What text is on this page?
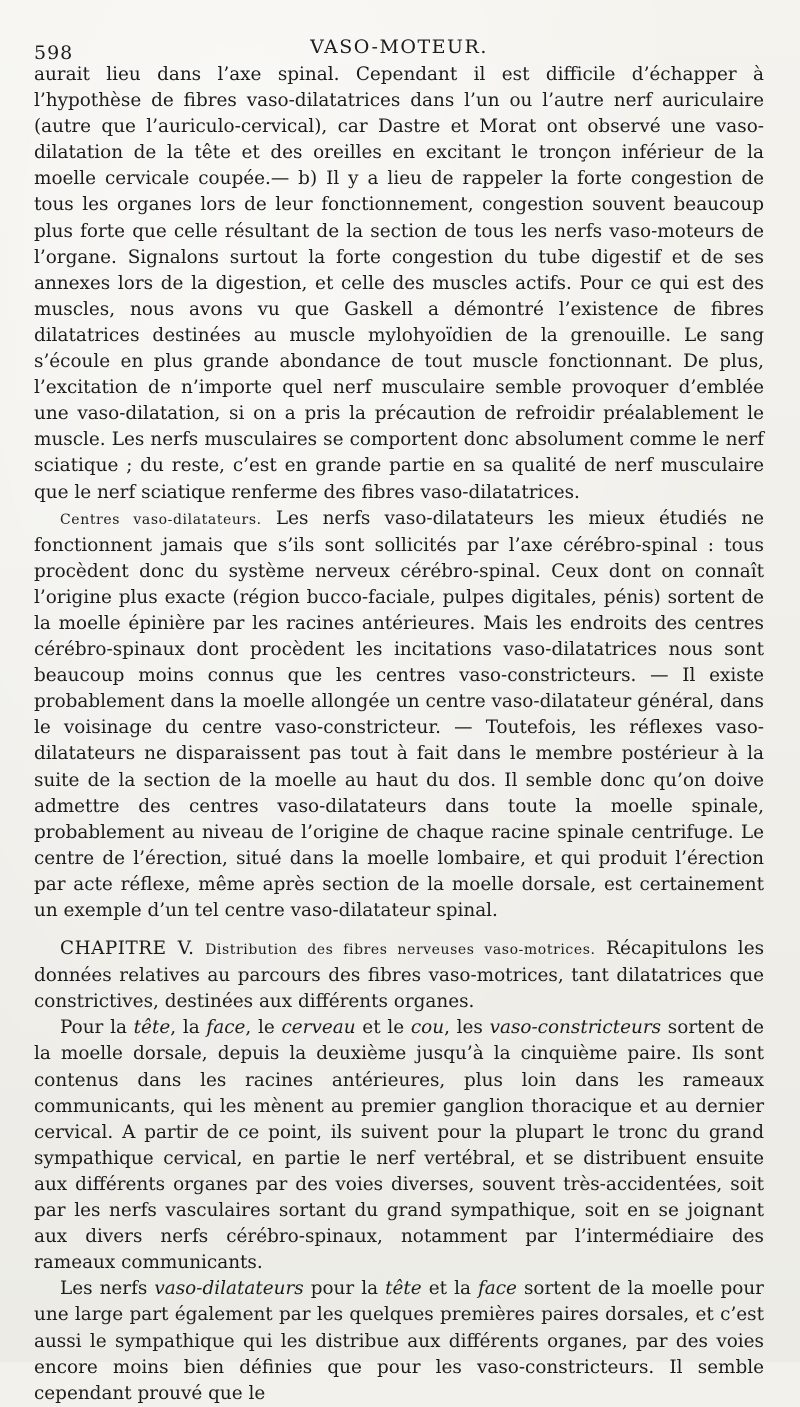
598	VASO-MOTEUR.

aurait lieu dans l’axe spinal. Cependant il est difficile d’échapper à l’hypothèse de fibres vaso-dilatatrices dans l’un ou l’autre nerf auriculaire (autre que l’auriculo-cervical), car Dastre et Morat ont observé une vaso-dilatation de la tête et des oreilles en excitant le tronçon inférieur de la moelle cervicale coupée.— b) Il y a lieu de rappeler la forte congestion de tous les organes lors de leur fonctionnement, congestion souvent beaucoup plus forte que celle résultant de la section de tous les nerfs vaso-moteurs de l’organe. Signalons surtout la forte congestion du tube digestif et de ses annexes lors de la digestion, et celle des muscles actifs. Pour ce qui est des muscles, nous avons vu que Gaskell a démontré l’existence de fibres dilatatrices destinées au muscle mylohyoïdien de la grenouille. Le sang s’écoule en plus grande abondance de tout muscle fonctionnant. De plus, l’excitation de n’importe quel nerf musculaire semble provoquer d’emblée une vaso-dilatation, si on a pris la précaution de refroidir préalablement le muscle. Les nerfs musculaires se comportent donc absolument comme le nerf sciatique ; du reste, c’est en grande partie en sa qualité de nerf musculaire que le nerf sciatique renferme des fibres vaso-dilatatrices.

Centres vaso-dilatateurs. Les nerfs vaso-dilatateurs les mieux étudiés ne fonctionnent jamais que s’ils sont sollicités par l’axe cérébro-spinal : tous procèdent donc du système nerveux cérébro-spinal. Ceux dont on connaît l’origine plus exacte (région bucco-faciale, pulpes digitales, pénis) sortent de la moelle épinière par les racines antérieures. Mais les endroits des centres cérébro-spinaux dont procèdent les incitations vaso-dilatatrices nous sont beaucoup moins connus que les centres vaso-constricteurs. — Il existe probablement dans la moelle allongée un centre vaso-dilatateur général, dans le voisinage du centre vaso-constricteur. — Toutefois, les réflexes vaso-dilatateurs ne disparaissent pas tout à fait dans le membre postérieur à la suite de la section de la moelle au haut du dos. Il semble donc qu’on doive admettre des centres vaso-dilatateurs dans toute la moelle spinale, probablement au niveau de l’origine de chaque racine spinale centrifuge. Le centre de l’érection, situé dans la moelle lombaire, et qui produit l’érection par acte réflexe, même après section de la moelle dorsale, est certainement un exemple d’un tel centre vaso-dilatateur spinal.

CHAPITRE V. Distribution des fibres nerveuses vaso-motrices. Récapitulons les données relatives au parcours des fibres vaso-motrices, tant dilatatrices que constrictives, destinées aux différents organes.

Pour la tête, la face, le cerveau et le cou, les vaso-constricteurs sortent de la moelle dorsale, depuis la deuxième jusqu’à la cinquième paire. Ils sont contenus dans les racines antérieures, plus loin dans les rameaux communicants, qui les mènent au premier ganglion thoracique et au dernier cervical. A partir de ce point, ils suivent pour la plupart le tronc du grand sympathique cervical, en partie le nerf vertébral, et se distribuent ensuite aux différents organes par des voies diverses, souvent très-accidentées, soit par les nerfs vasculaires sortant du grand sympathique, soit en se joignant aux divers nerfs cérébro-spinaux, notamment par l’intermédiaire des rameaux communicants.

Les nerfs vaso-dilatateurs pour la tête et la face sortent de la moelle pour une large part également par les quelques premières paires dorsales, et c’est aussi le sympathique qui les distribue aux différents organes, par des voies encore moins bien définies que pour les vaso-constricteurs. Il semble cependant prouvé que le
